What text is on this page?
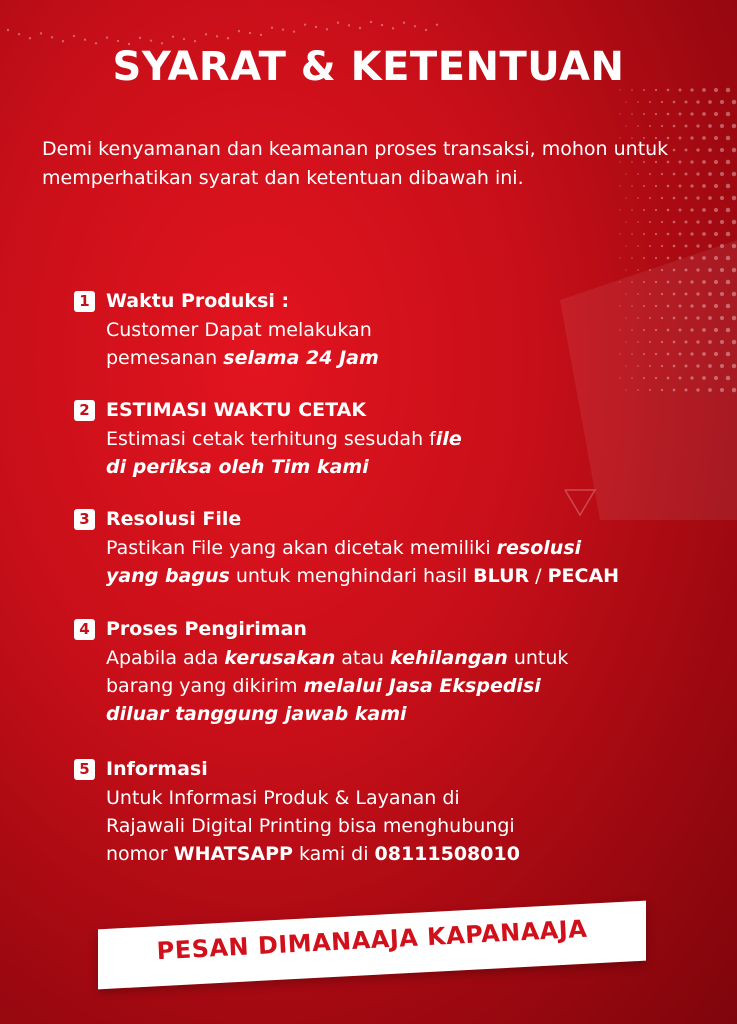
SYARAT & KETENTUAN

Demi kenyamanan dan keamanan proses transaksi, mohon untuk memperhatikan syarat dan ketentuan dibawah ini.

1 Waktu Produksi :

Customer Dapat melakukan
pemesanan selama 24 Jam

2 ESTIMASI WAKTU CETAK

Estimasi cetak terhitung sesudah file
di periksa oleh Tim kami

3 Resolusi File

Pastikan File yang akan dicetak memiliki resolusi
yang bagus untuk menghindari hasil BLUR / PECAH

4 Proses Pengiriman

Apabila ada kerusakan atau kehilangan untuk
barang yang dikirim melalui Jasa Ekspedisi
diluar tanggung jawab kami

5 Informasi

Untuk Informasi Produk & Layanan di
Rajawali Digital Printing bisa menghubungi
nomor WHATSAPP kami di 08111508010

PESAN DIMANAAJA KAPANAAJA
